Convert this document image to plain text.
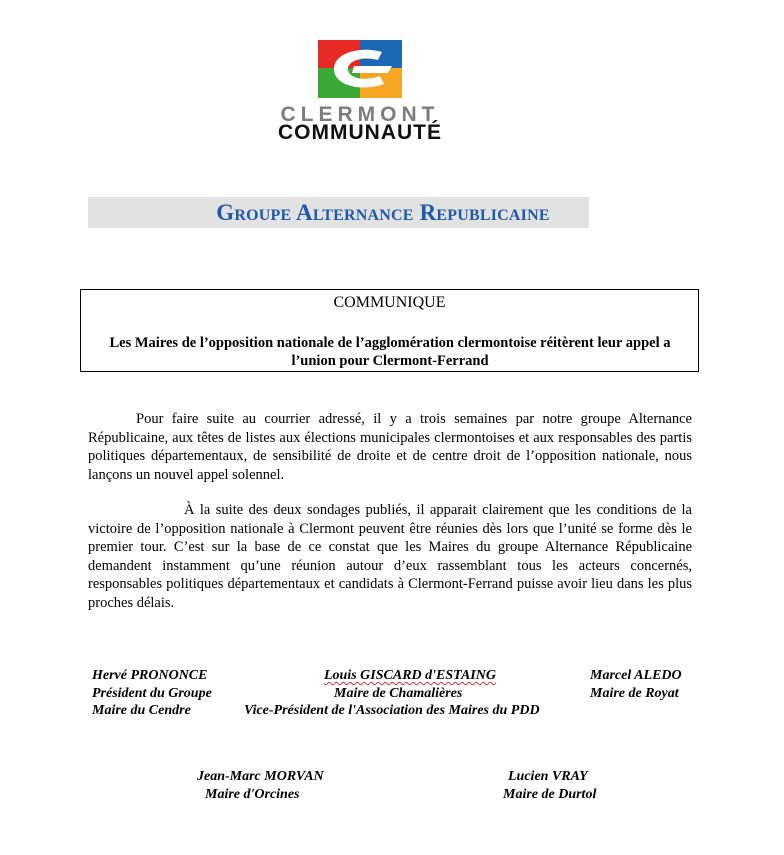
CLERMONT
COMMUNAUTÉ
Groupe Alternance Republicaine
COMMUNIQUE
Les Maires de l’opposition nationale de l’agglomération clermontoise réitèrent leur appel a l’union pour Clermont-Ferrand
Pour faire suite au courrier adressé, il y a trois semaines par notre groupe Alternance Républicaine, aux têtes de listes aux élections municipales clermontoises et aux responsables des partis politiques départementaux, de sensibilité de droite et de centre droit de l’opposition nationale, nous lançons un nouvel appel solennel.
À la suite des deux sondages publiés, il apparait clairement que les conditions de la victoire de l’opposition nationale à Clermont peuvent être réunies dès lors que l’unité se forme dès le premier tour. C’est sur la base de ce constat que les Maires du groupe Alternance Républicaine demandent instamment qu’une réunion autour d’eux rassemblant tous les acteurs concernés, responsables politiques départementaux et candidats à Clermont-Ferrand puisse avoir lieu dans les plus proches délais.
Hervé PRONONCE
Président du Groupe
Maire du Cendre
Louis GISCARD d'ESTAING
Maire de Chamalières
Vice-Président de l'Association des Maires du PDD
Marcel ALEDO
Maire de Royat
Jean-Marc MORVAN
Maire d'Orcines
Lucien VRAY
Maire de Durtol
